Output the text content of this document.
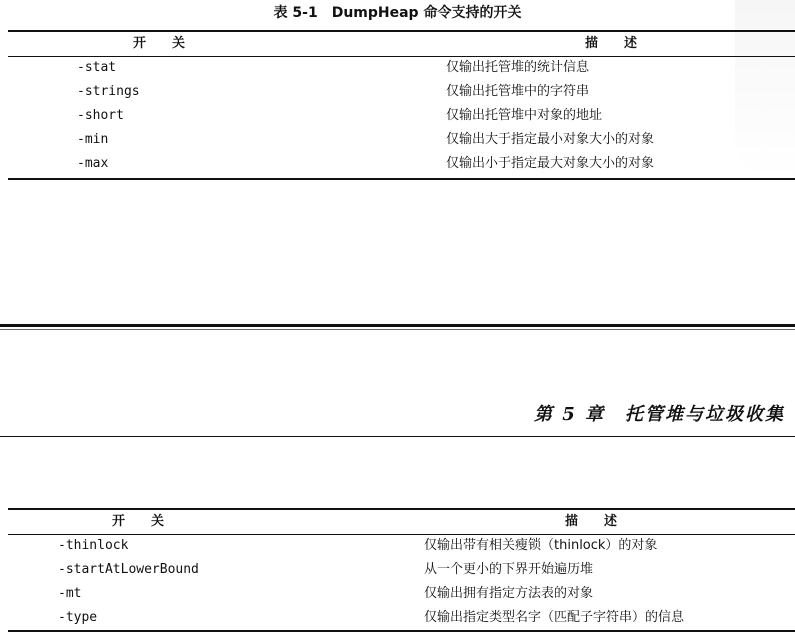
表 5-1　DumpHeap 命令支持的开关
开　　关	描　　述
-stat	仅输出托管堆的统计信息
-strings	仅输出托管堆中的字符串
-short	仅输出托管堆中对象的地址
-min	仅输出大于指定最小对象大小的对象
-max	仅输出小于指定最大对象大小的对象
第 5 章　托管堆与垃圾收集
开　　关	描　　述
-thinlock	仅输出带有相关瘦锁（thinlock）的对象
-startAtLowerBound	从一个更小的下界开始遍历堆
-mt	仅输出拥有指定方法表的对象
-type	仅输出指定类型名字（匹配子字符串）的信息
